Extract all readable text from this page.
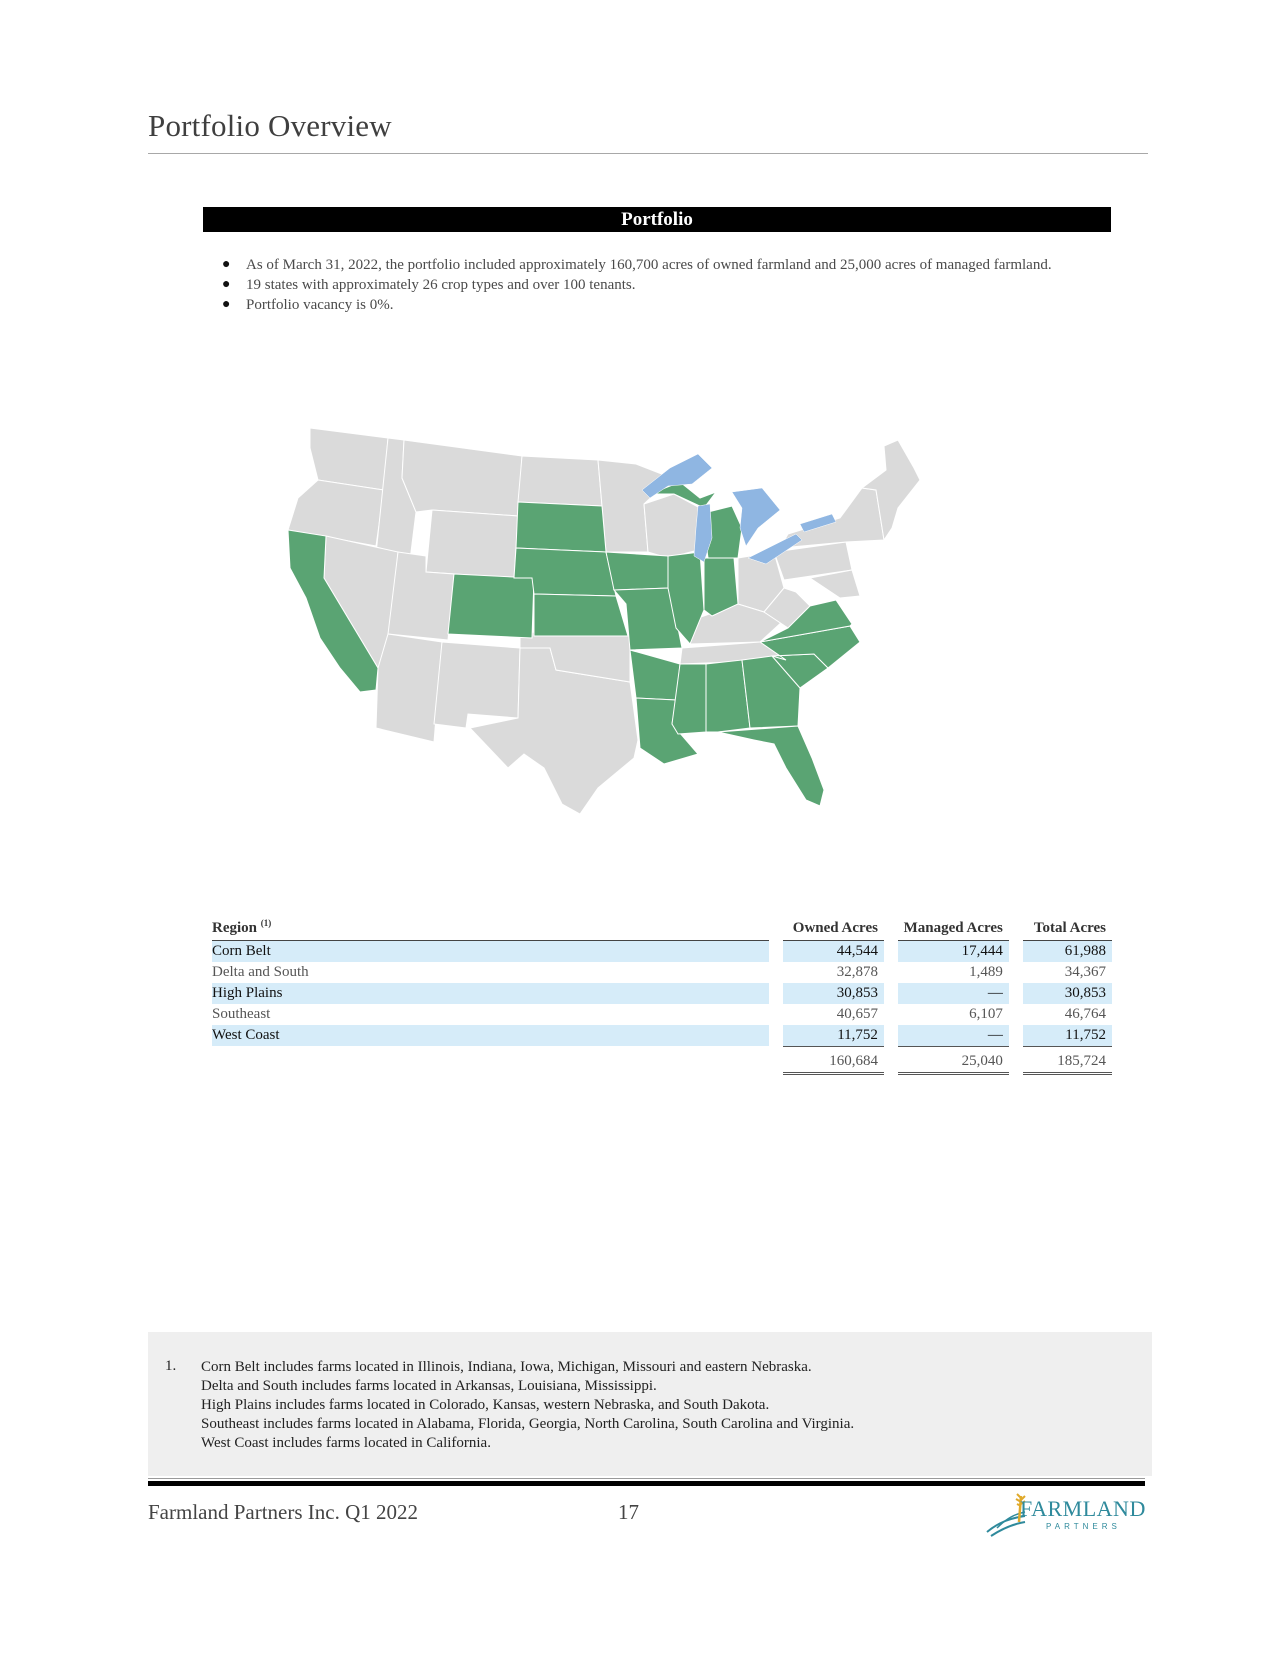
Portfolio Overview
Portfolio
● As of March 31, 2022, the portfolio included approximately 160,700 acres of owned farmland and 25,000 acres of managed farmland.
● 19 states with approximately 26 crop types and over 100 tenants.
● Portfolio vacancy is 0%.
Region $^{(1)}$		Owned Acres		Managed Acres		Total Acres
Corn Belt		44,544		17,444		61,988
Delta and South		32,878		1,489		34,367
High Plains		30,853		—		30,853
Southeast		40,657		6,107		46,764
West Coast		11,752		—		11,752
		160,684		25,040		185,724
1. Corn Belt includes farms located in Illinois, Indiana, Iowa, Michigan, Missouri and eastern Nebraska.
Delta and South includes farms located in Arkansas, Louisiana, Mississippi.
High Plains includes farms located in Colorado, Kansas, western Nebraska, and South Dakota.
Southeast includes farms located in Alabama, Florida, Georgia, North Carolina, South Carolina and Virginia.
West Coast includes farms located in California.
Farmland Partners Inc. Q1 2022	17	FARMLAND
PARTNERS
